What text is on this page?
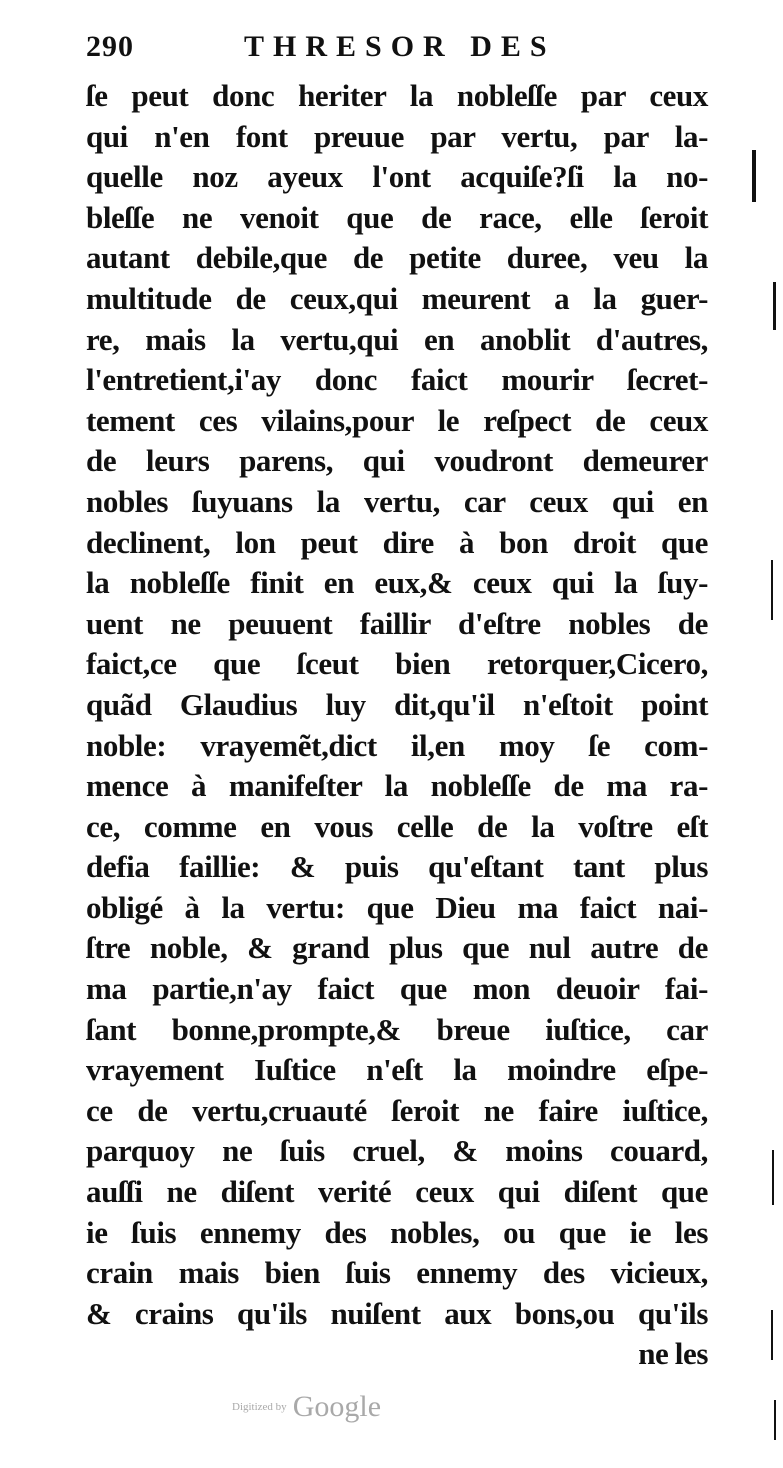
290	THRESOR DES
ſe peut donc heriter la nobleſſe par ceux
qui n'en font preuue par vertu, par la-
quelle noz ayeux l'ont acquiſe?ſi la no-
bleſſe ne venoit que de race, elle ſeroit
autant debile,que de petite duree, veu la
multitude de ceux,qui meurent a la guer-
re, mais la vertu,qui en anoblit d'autres,
l'entretient,i'ay donc faict mourir ſecret-
tement ces vilains,pour le reſpect de ceux
de leurs parens, qui voudront demeurer
nobles ſuyuans la vertu, car ceux qui en
declinent, lon peut dire à bon droit que
la nobleſſe finit en eux,& ceux qui la ſuy-
uent ne peuuent faillir d'eſtre nobles de
faict,ce que ſceut bien retorquer,Cicero,
quãd Glaudius luy dit,qu'il n'eſtoit point
noble: vrayemẽt,dict il,en moy ſe com-
mence à manifeſter la nobleſſe de ma ra-
ce, comme en vous celle de la voſtre eſt
defia faillie: & puis qu'eſtant tant plus
obligé à la vertu: que Dieu ma faict nai-
ſtre noble, & grand plus que nul autre de
ma partie,n'ay faict que mon deuoir fai-
ſant bonne,prompte,& breue iuſtice, car
vrayement Iuſtice n'eſt la moindre eſpe-
ce de vertu,cruauté ſeroit ne faire iuſtice,
parquoy ne ſuis cruel, & moins couard,
auſſi ne diſent verité ceux qui diſent que
ie ſuis ennemy des nobles, ou que ie les
crain mais bien ſuis ennemy des vicieux,
& crains qu'ils nuiſent aux bons,ou qu'ils
ne les
Digitized by Google
